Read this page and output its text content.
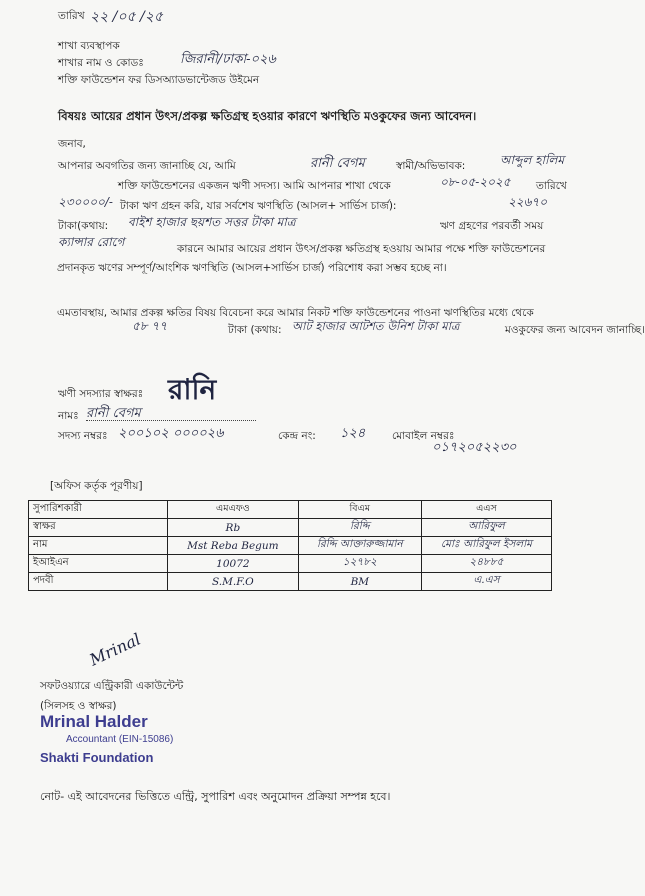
তারিখ ২২ /০৫ /২৫
শাখা ব্যবস্থাপক
শাখার নাম ও কোডঃ	জিরানী/ঢাকা-০২৬
শক্তি ফাউন্ডেশন ফর ডিসঅ্যাডভান্টেজড উইমেন
বিষয়ঃ আয়ের প্রধান উৎস/প্রকল্প ক্ষতিগ্রস্থ হওয়ার কারণে ঋণস্থিতি মওকুফের জন্য আবেদন।
জনাব,
আপনার অবগতির জন্য জানাচ্ছি যে, আমি	রানী বেগম	স্বামী/অভিভাবক:	আব্দুল হালিম
শক্তি ফাউন্ডেশনের একজন ঋণী সদস্য। আমি আপনার শাখা থেকে	০৮-০৫-২০২৫ তারিখে
২৩০০০০/- টাকা ঋণ গ্রহন করি, যার সর্বশেষ ঋণস্থিতি (আসল+ সার্ভিস চার্জ):	২২৬৭০
টাকা(কথায়: বাইশ হাজার ছয়শত সত্তর টাকা মাত্র	ঋণ গ্রহণের পরবর্তী সময়
ক্যান্সার রোগে	কারনে আমার আয়ের প্রধান উৎস/প্রকল্প ক্ষতিগ্রস্থ হওয়ায় আমার পক্ষে শক্তি ফাউন্ডেশনের প্রদানকৃত ঋণের সম্পূর্ণ/আংশিক ঋণস্থিতি (আসল+সার্ভিস চার্জ) পরিশোধ করা সম্ভব হচ্ছে না।
এমতাবস্থায়, আমার প্রকল্প ক্ষতির বিষয় বিবেচনা করে আমার নিকট শক্তি ফাউন্ডেশনের পাওনা ঋণস্থিতির মধ্যে থেকে
৫৮ ৭৭	টাকা (কথায়: আট হাজার আটশত উনিশ টাকা মাত্র	মওকুফের জন্য আবেদন জানাচ্ছি।
ঋণী সদস্যার স্বাক্ষরঃ রানি
নামঃ রানী বেগম
সদস্য নম্বরঃ ২০০১০২ ০০০০২৬	কেন্দ্র নং: ১২৪	মোবাইল নম্বরঃ
০১৭২০৫২২৩০
[অফিস কর্তৃক পূরণীয়]
সুপারিশকারী	এমএফও	বিএম	এএস
স্বাক্ষর	Rb	রিদ্দি	আরিফুল
নাম	Mst Reba Begum	রিদ্দি আক্তারুজ্জামান	মোঃ আরিফুল ইসলাম
ইআইএন	10072	১২৭৮২	২৪৮৮৫
পদবী	S.M.F.O	BM	এ.এস
Mrinal
সফটওয়্যারে এন্ট্রিকারী একাউন্টেন্ট
(সিলসহ ও স্বাক্ষর)
Mrinal Halder
Accountant (EIN-15086)
Shakti Foundation
নোট- এই আবেদনের ভিত্তিতে এন্ট্রি, সুপারিশ এবং অনুমোদন প্রক্রিয়া সম্পন্ন হবে।
